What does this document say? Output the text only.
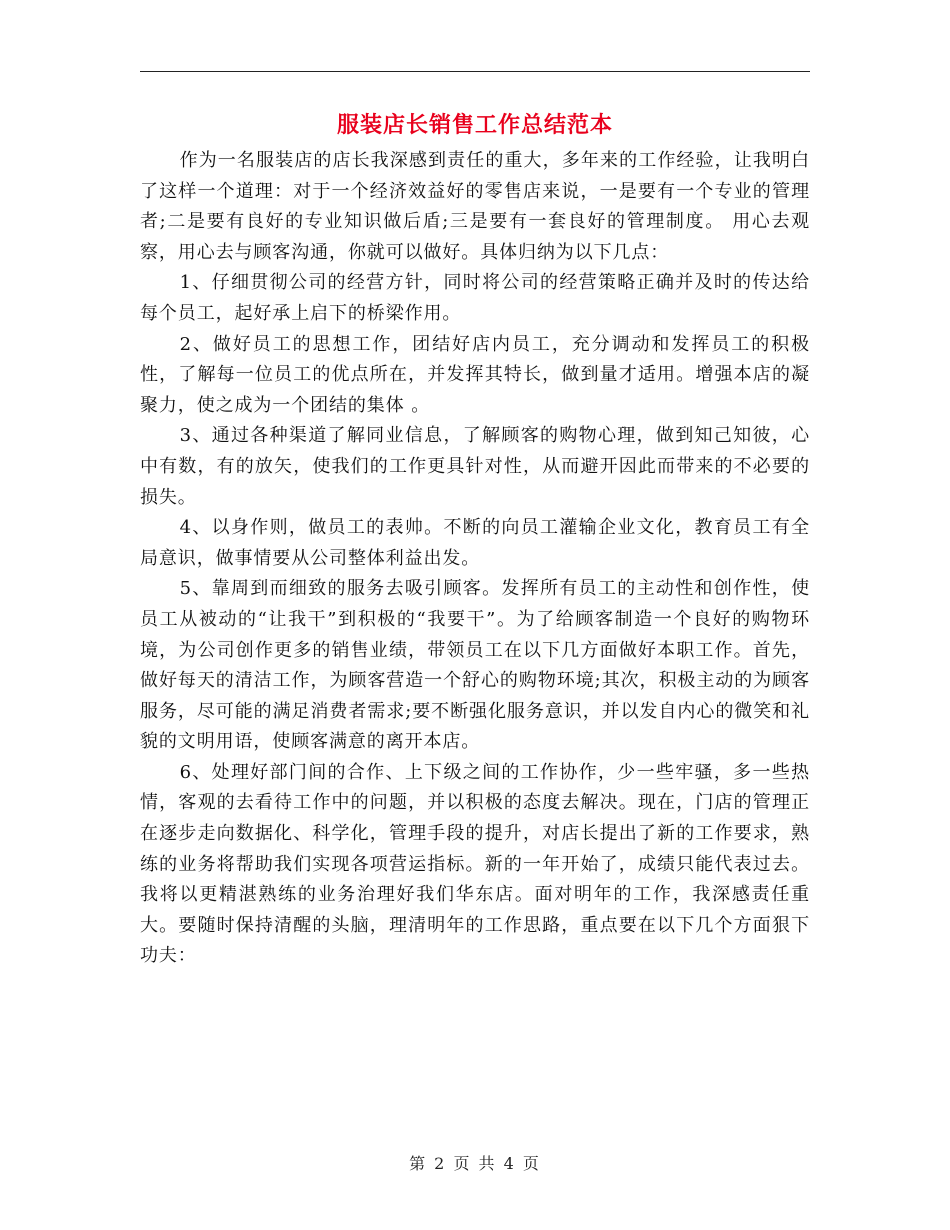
服装店长销售工作总结范本

作为一名服装店的店长我深感到责任的重大，多年来的工作经验，让我明白了这样一个道理：对于一个经济效益好的零售店来说，一是要有一个专业的管理者;二是要有良好的专业知识做后盾;三是要有一套良好的管理制度。 用心去观察，用心去与顾客沟通，你就可以做好。具体归纳为以下几点：

1、仔细贯彻公司的经营方针，同时将公司的经营策略正确并及时的传达给每个员工，起好承上启下的桥梁作用。

2、做好员工的思想工作，团结好店内员工，充分调动和发挥员工的积极性，了解每一位员工的优点所在，并发挥其特长，做到量才适用。增强本店的凝聚力，使之成为一个团结的集体 。

3、通过各种渠道了解同业信息，了解顾客的购物心理，做到知己知彼，心中有数，有的放矢，使我们的工作更具针对性，从而避开因此而带来的不必要的损失。

4、以身作则，做员工的表帅。不断的向员工灌输企业文化，教育员工有全局意识，做事情要从公司整体利益出发。

5、靠周到而细致的服务去吸引顾客。发挥所有员工的主动性和创作性，使员工从被动的“让我干”到积极的“我要干”。为了给顾客制造一个良好的购物环境，为公司创作更多的销售业绩，带领员工在以下几方面做好本职工作。首先，做好每天的清洁工作，为顾客营造一个舒心的购物环境;其次，积极主动的为顾客服务，尽可能的满足消费者需求;要不断强化服务意识，并以发自内心的微笑和礼貌的文明用语，使顾客满意的离开本店。

6、处理好部门间的合作、上下级之间的工作协作，少一些牢骚，多一些热情，客观的去看待工作中的问题，并以积极的态度去解决。现在，门店的管理正在逐步走向数据化、科学化，管理手段的提升，对店长提出了新的工作要求，熟练的业务将帮助我们实现各项营运指标。新的一年开始了，成绩只能代表过去。我将以更精湛熟练的业务治理好我们华东店。面对明年的工作，我深感责任重大。要随时保持清醒的头脑，理清明年的工作思路，重点要在以下几个方面狠下功夫：

第 2 页 共 4 页
